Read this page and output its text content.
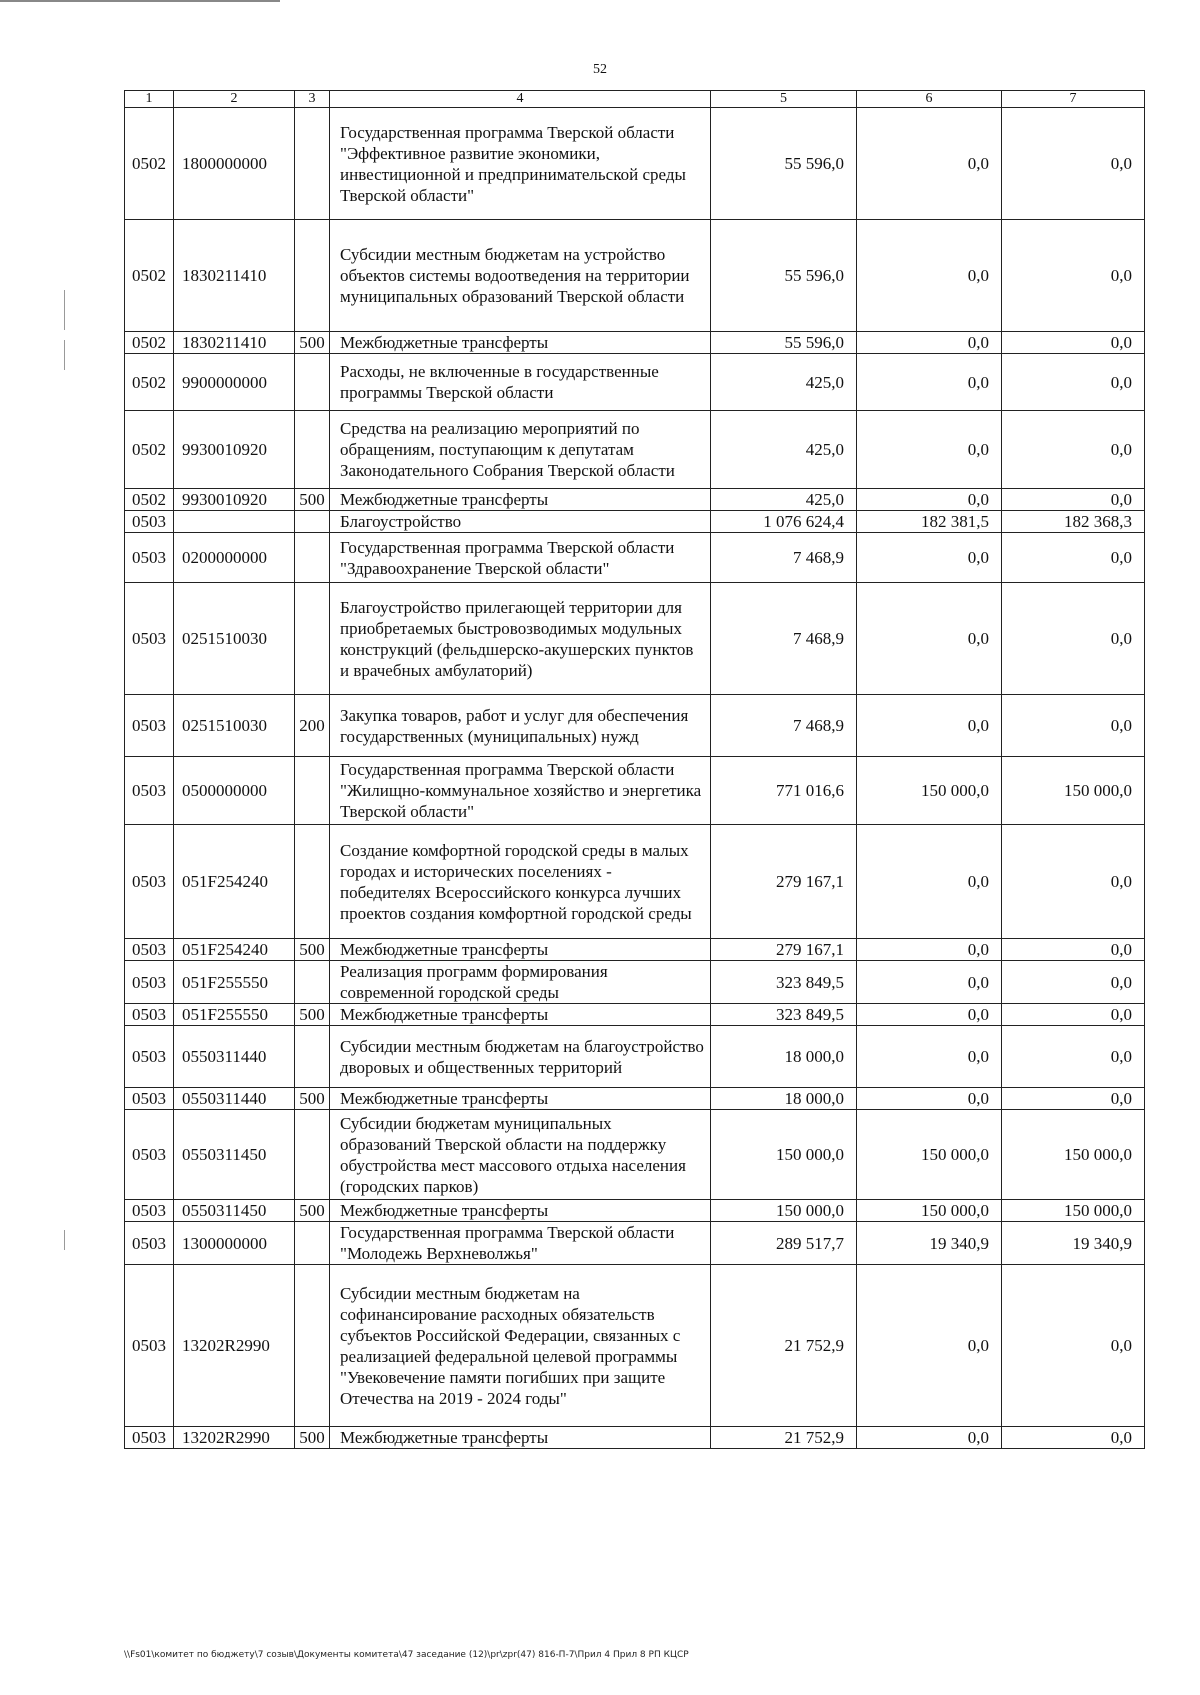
52
1	2	3	4	5	6	7
0502	1800000000		Государственная программа Тверской области "Эффективное развитие экономики, инвестиционной и предпринимательской среды Тверской области"	55 596,0	0,0	0,0
0502	1830211410		Субсидии местным бюджетам на устройство объектов системы водоотведения на территории муниципальных образований Тверской области	55 596,0	0,0	0,0
0502	1830211410	500	Межбюджетные трансферты	55 596,0	0,0	0,0
0502	9900000000		Расходы, не включенные в государственные программы Тверской области	425,0	0,0	0,0
0502	9930010920		Средства на реализацию мероприятий по обращениям, поступающим к депутатам Законодательного Собрания Тверской области	425,0	0,0	0,0
0502	9930010920	500	Межбюджетные трансферты	425,0	0,0	0,0
0503			Благоустройство	1 076 624,4	182 381,5	182 368,3
0503	0200000000		Государственная программа Тверской области "Здравоохранение Тверской области"	7 468,9	0,0	0,0
0503	0251510030		Благоустройство прилегающей территории для приобретаемых быстровозводимых модульных конструкций (фельдшерско-акушерских пунктов и врачебных амбулаторий)	7 468,9	0,0	0,0
0503	0251510030	200	Закупка товаров, работ и услуг для обеспечения государственных (муниципальных) нужд	7 468,9	0,0	0,0
0503	0500000000		Государственная программа Тверской области "Жилищно-коммунальное хозяйство и энергетика Тверской области"	771 016,6	150 000,0	150 000,0
0503	051F254240		Создание комфортной городской среды в малых городах и исторических поселениях - победителях Всероссийского конкурса лучших проектов создания комфортной городской среды	279 167,1	0,0	0,0
0503	051F254240	500	Межбюджетные трансферты	279 167,1	0,0	0,0
0503	051F255550		Реализация программ формирования современной городской среды	323 849,5	0,0	0,0
0503	051F255550	500	Межбюджетные трансферты	323 849,5	0,0	0,0
0503	0550311440		Субсидии местным бюджетам на благоустройство дворовых и общественных территорий	18 000,0	0,0	0,0
0503	0550311440	500	Межбюджетные трансферты	18 000,0	0,0	0,0
0503	0550311450		Субсидии бюджетам муниципальных образований Тверской области на поддержку обустройства мест массового отдыха населения (городских парков)	150 000,0	150 000,0	150 000,0
0503	0550311450	500	Межбюджетные трансферты	150 000,0	150 000,0	150 000,0
0503	1300000000		Государственная программа Тверской области "Молодежь Верхневолжья"	289 517,7	19 340,9	19 340,9
0503	13202R2990		Субсидии местным бюджетам на софинансирование расходных обязательств субъектов Российской Федерации, связанных с реализацией федеральной целевой программы "Увековечение памяти погибших при защите Отечества на 2019 - 2024 годы"	21 752,9	0,0	0,0
0503	13202R2990	500	Межбюджетные трансферты	21 752,9	0,0	0,0
\\Fs01\комитет по бюджету\7 созыв\Документы комитета\47 заседание (12)\pr\zpr(47) 816-П-7\Прил 4 Прил 8 РП КЦСР
